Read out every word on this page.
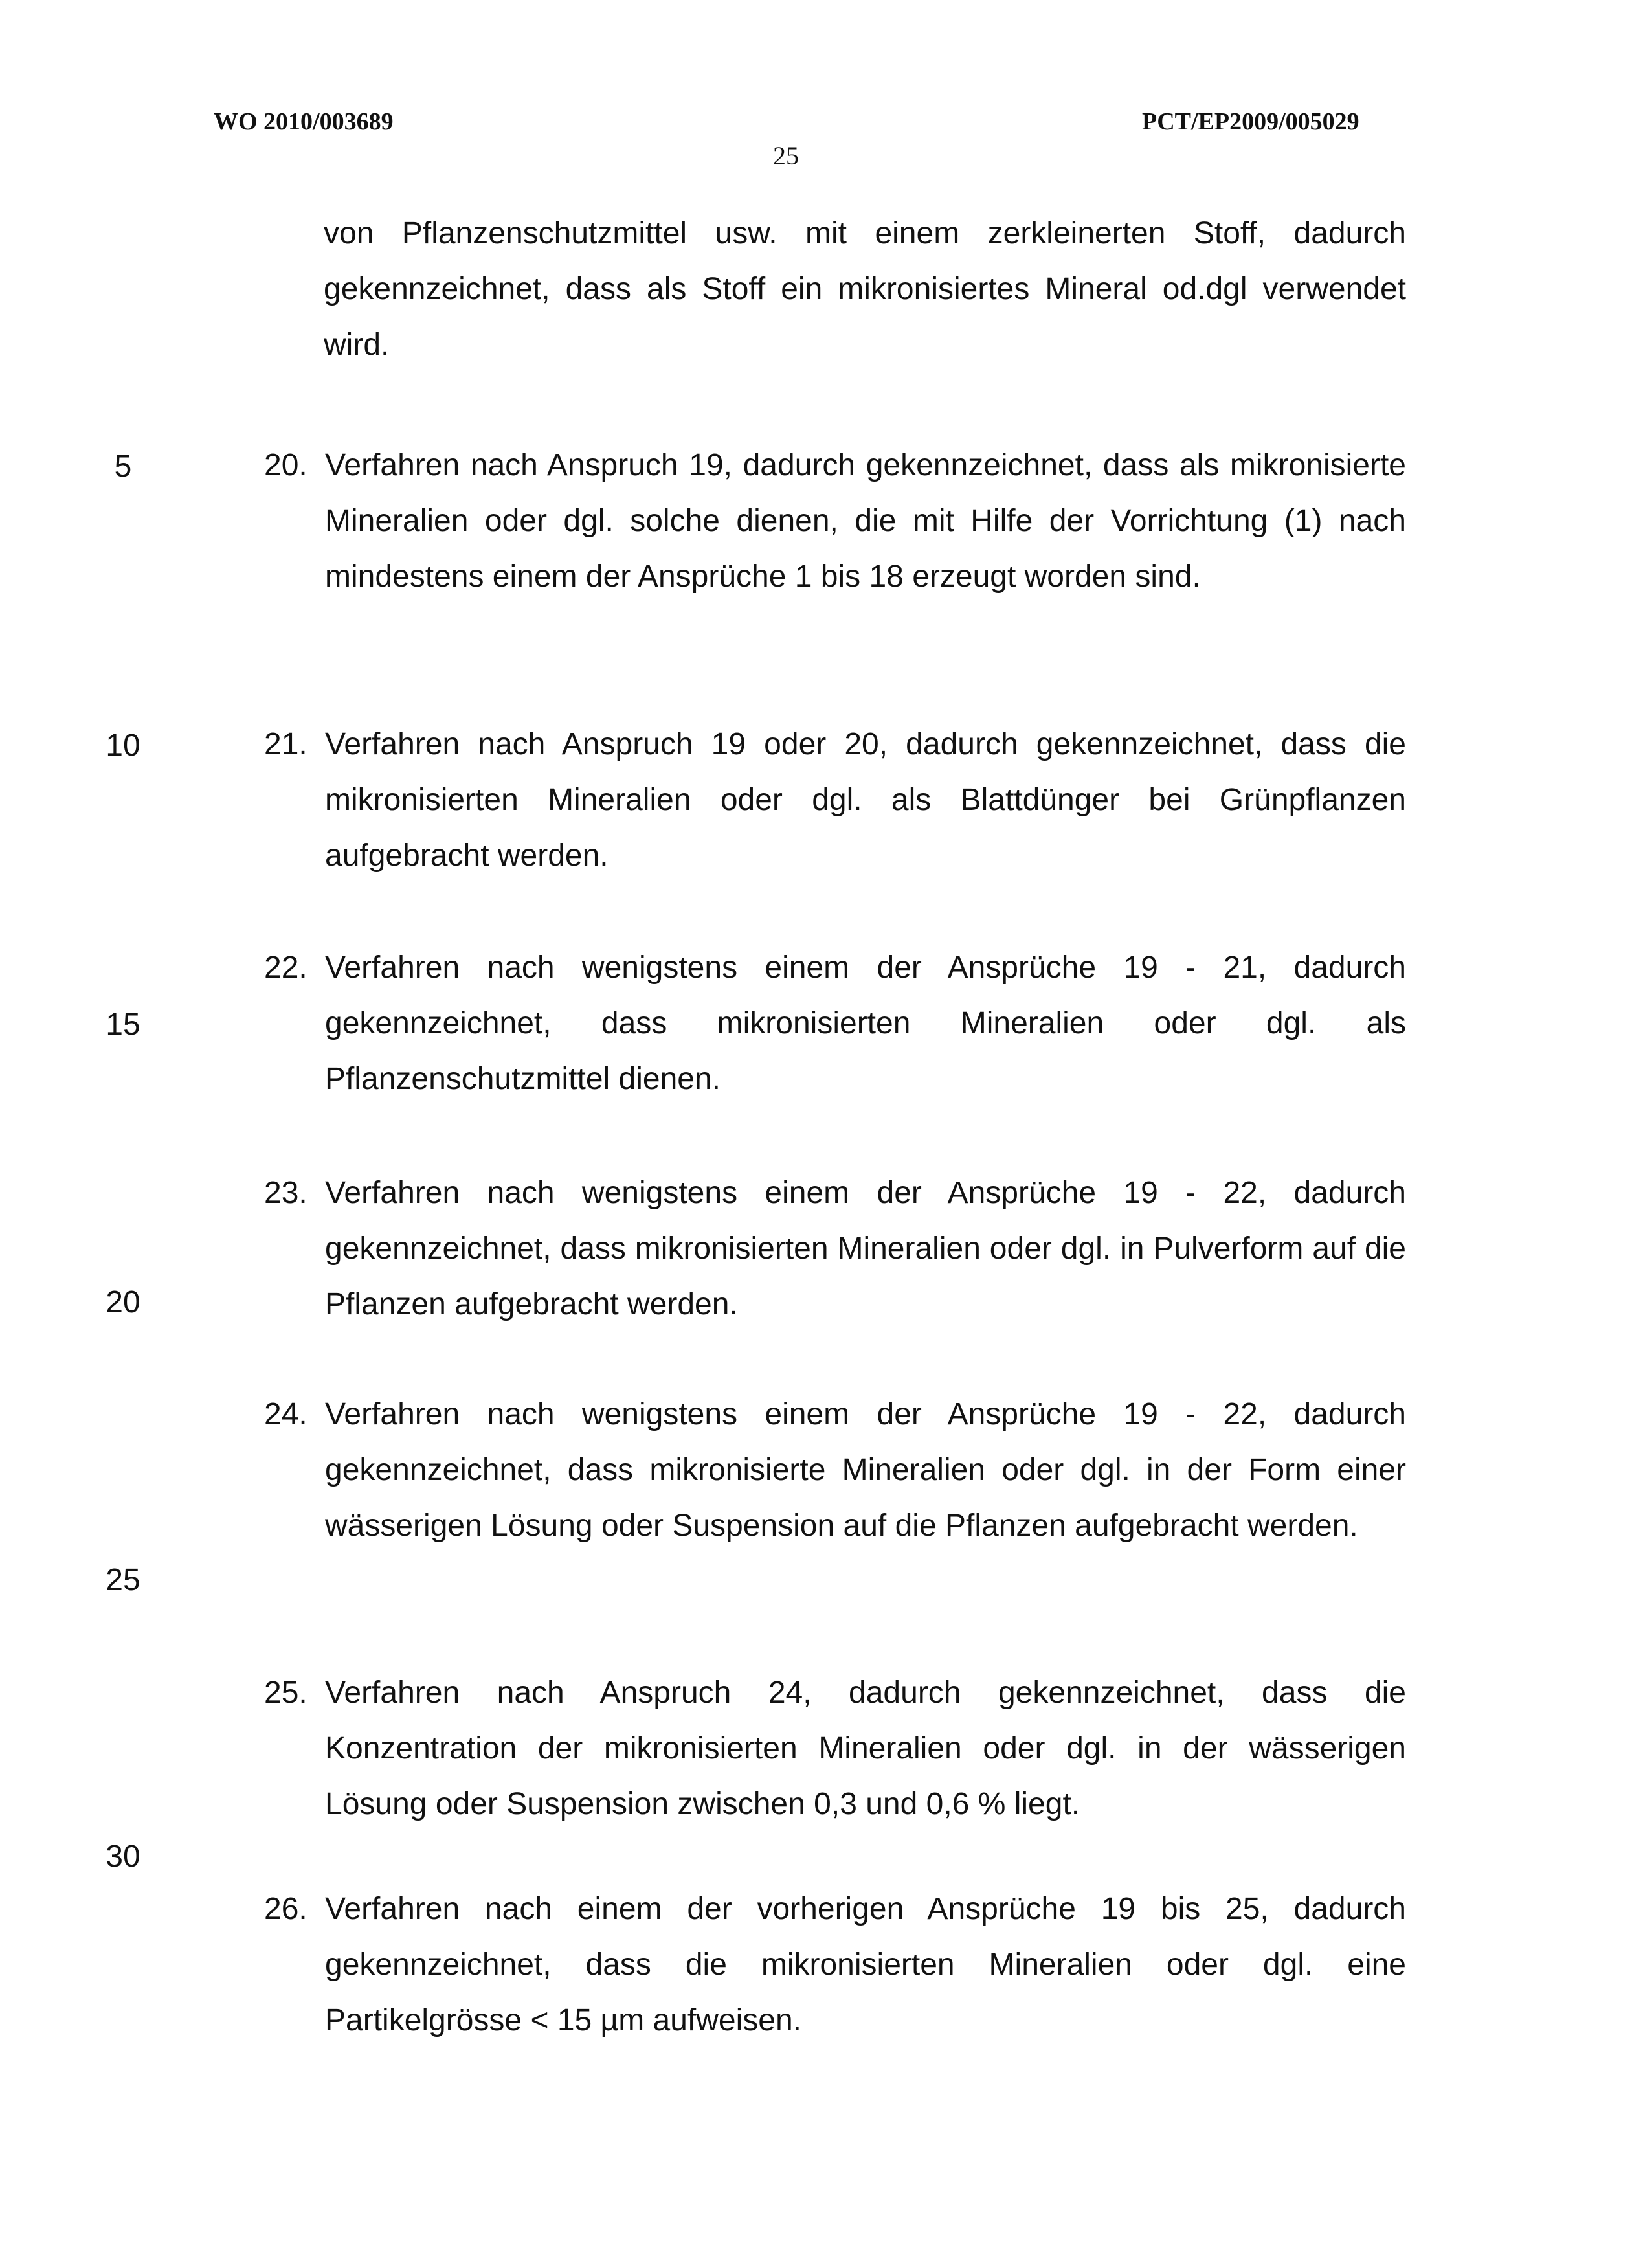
WO 2010/003689	PCT/EP2009/005029
25
5
10
15
20
25
30
von Pflanzenschutzmittel usw. mit einem zerkleinerten Stoff, dadurch gekennzeichnet, dass als Stoff ein mikronisiertes Mineral od.dgl verwendet wird.
20. Verfahren nach Anspruch 19, dadurch gekennzeichnet, dass als mikronisierte Mineralien oder dgl. solche dienen, die mit Hilfe der Vorrichtung (1) nach mindestens einem der Ansprüche 1 bis 18 erzeugt worden sind.
21. Verfahren nach Anspruch 19 oder 20, dadurch gekennzeichnet, dass die mikronisierten Mineralien oder dgl. als Blattdünger bei Grünpflanzen aufgebracht werden.
22. Verfahren nach wenigstens einem der Ansprüche 19 - 21, dadurch gekennzeichnet, dass mikronisierten Mineralien oder dgl. als Pflanzenschutzmittel dienen.
23. Verfahren nach wenigstens einem der Ansprüche 19 - 22, dadurch gekennzeichnet, dass mikronisierten Mineralien oder dgl. in Pulverform auf die Pflanzen aufgebracht werden.
24. Verfahren nach wenigstens einem der Ansprüche 19 - 22, dadurch gekennzeichnet, dass mikronisierte Mineralien oder dgl. in der Form einer wässerigen Lösung oder Suspension auf die Pflanzen aufgebracht werden.
25. Verfahren nach Anspruch 24, dadurch gekennzeichnet, dass die Konzentration der mikronisierten Mineralien oder dgl. in der wässerigen Lösung oder Suspension zwischen 0,3 und 0,6 % liegt.
26. Verfahren nach einem der vorherigen Ansprüche 19 bis 25, dadurch gekennzeichnet, dass die mikronisierten Mineralien oder dgl. eine Partikelgrösse < 15 µm aufweisen.
